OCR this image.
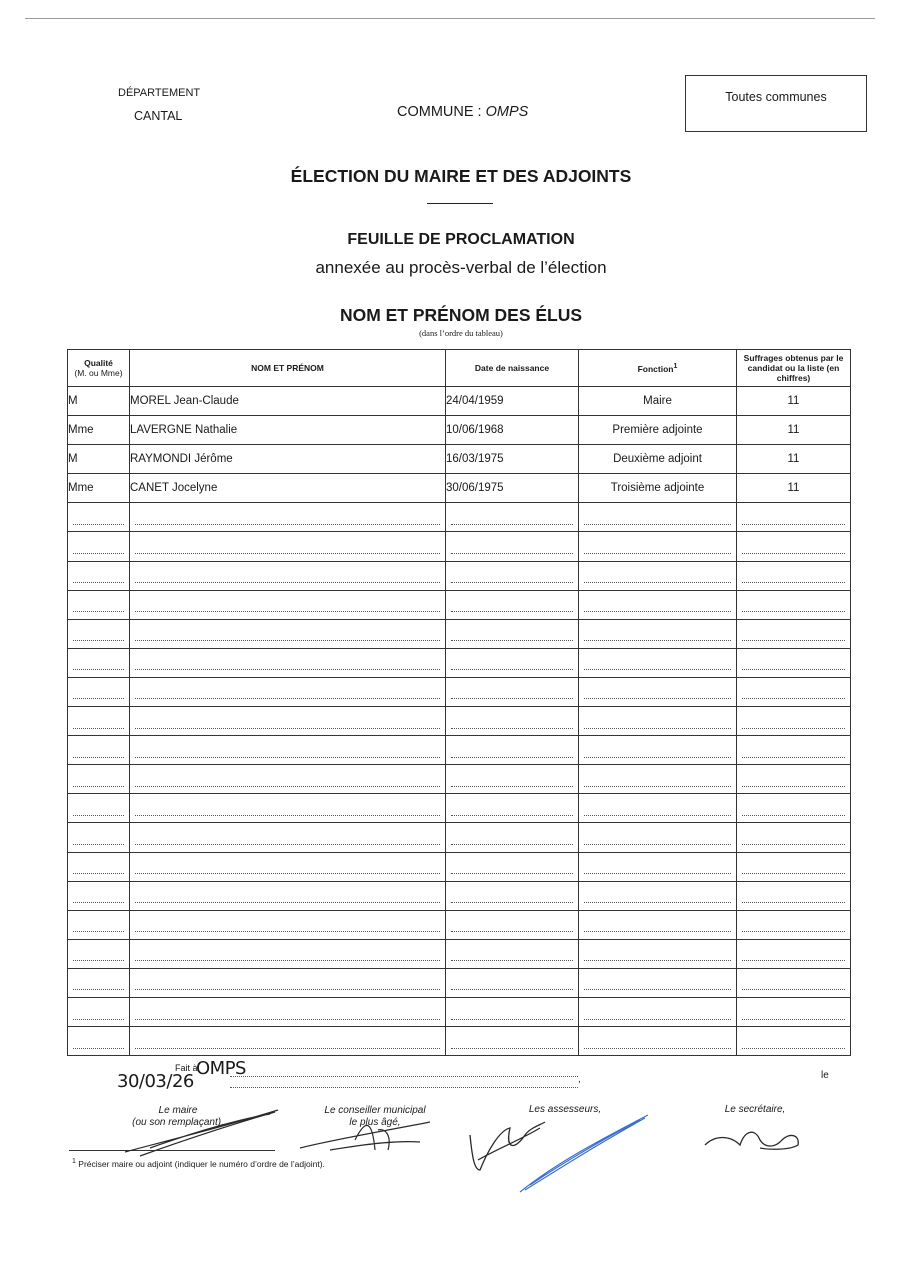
DÉPARTEMENT
CANTAL	COMMUNE : OMPS
Toutes communes
ÉLECTION DU MAIRE ET DES ADJOINTS
FEUILLE DE PROCLAMATION
annexée au procès-verbal de l’élection
NOM ET PRÉNOM DES ÉLUS
(dans l’ordre du tableau)
Qualité
(M. ou Mme)	NOM ET PRÉNOM	Date de naissance	Fonction$^1$	Suffrages obtenus par le candidat ou la liste (en chiffres)
M	MOREL Jean-Claude	24/04/1959	Maire	11
Mme	LAVERGNE Nathalie	10/06/1968	Première adjointe	11
M	RAYMONDI Jérôme	16/03/1975	Deuxième adjoint	11
Mme	CANET Jocelyne	30/06/1975	Troisième adjointe	11

Fait à
OMPS
30/03/26	,	le
Le maire
(ou son remplaçant),
Le conseiller municipal
le plus âgé,
Les assesseurs,	Le secrétaire,
$^1$ Préciser maire ou adjoint (indiquer le numéro d’ordre de l’adjoint).
